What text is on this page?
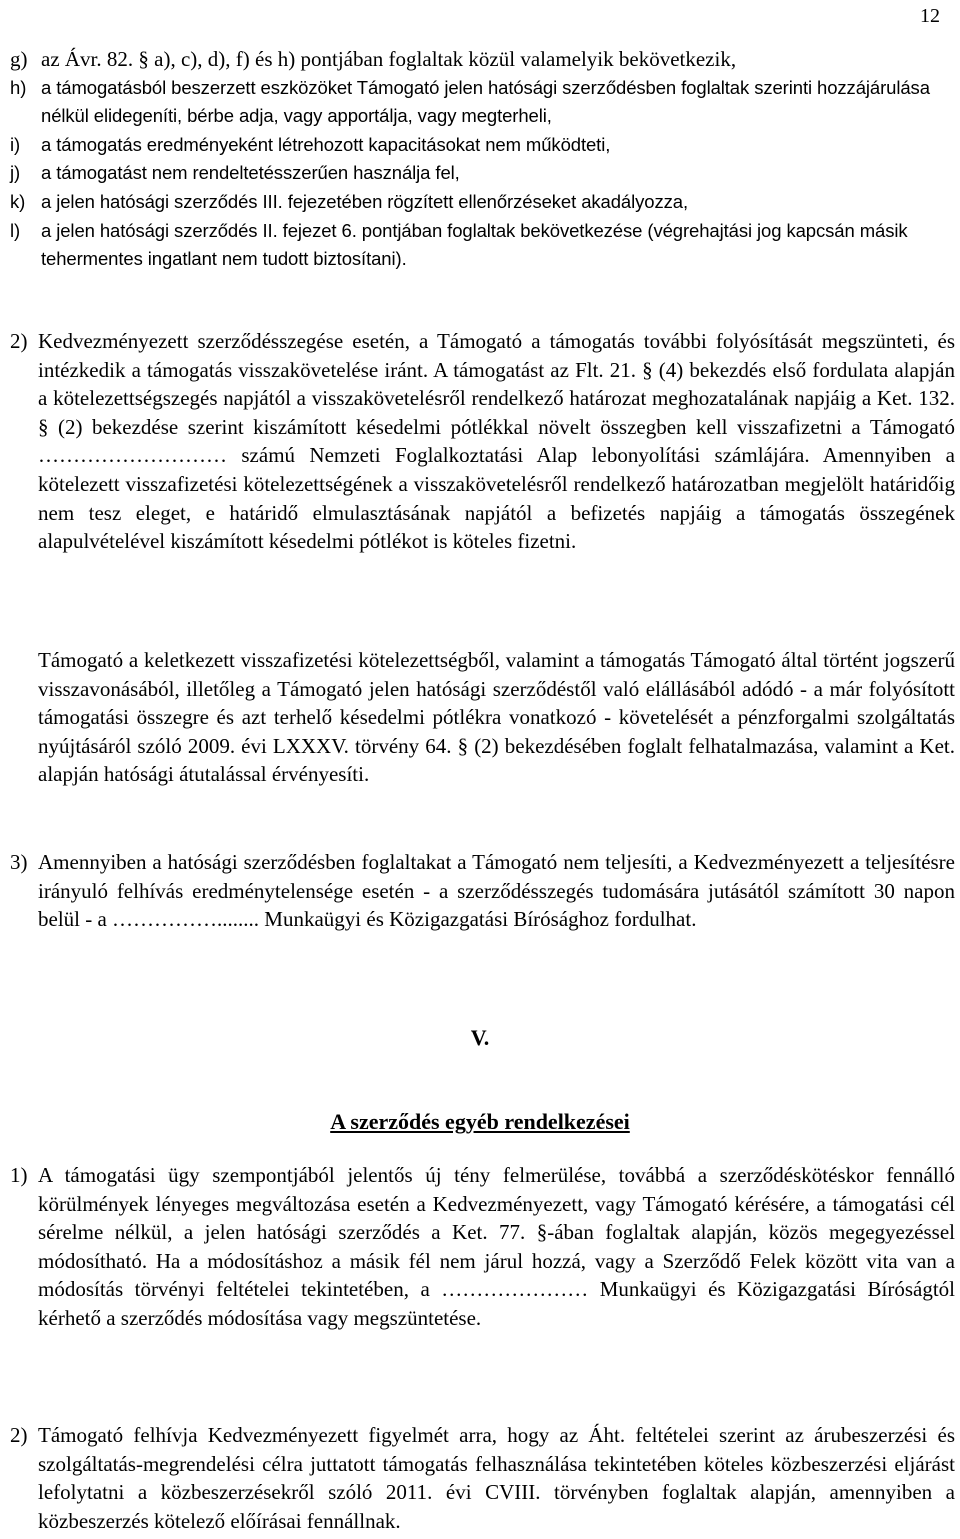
12
g) az Ávr. 82. § a), c), d), f) és h) pontjában foglaltak közül valamelyik bekövetkezik,
h) a támogatásból beszerzett eszközöket Támogató jelen hatósági szerződésben foglaltak szerinti hozzájárulása nélkül elidegeníti, bérbe adja, vagy apportálja, vagy megterheli,
i)	a támogatás eredményeként létrehozott kapacitásokat nem működteti,
j)	a támogatást nem rendeltetésszerűen használja fel,
k) a jelen hatósági szerződés III. fejezetében rögzített ellenőrzéseket akadályozza,
l)	a jelen hatósági szerződés II. fejezet 6. pontjában foglaltak bekövetkezése (végrehajtási jog kapcsán másik tehermentes ingatlant nem tudott biztosítani).
2) Kedvezményezett szerződésszegése esetén, a Támogató a támogatás további folyósítását megszünteti, és intézkedik a támogatás visszakövetelése iránt. A támogatást az Flt. 21. § (4) bekezdés első fordulata alapján a kötelezettségszegés napjától a visszakövetelésről rendelkező határozat meghozatalának napjáig a Ket. 132. § (2) bekezdése szerint kiszámított késedelmi pótlékkal növelt összegben kell visszafizetni a Támogató ……………………… számú Nemzeti Foglalkoztatási Alap lebonyolítási számlájára. Amennyiben a kötelezett visszafizetési kötelezettségének a visszakövetelésről rendelkező határozatban megjelölt határidőig nem tesz eleget, e határidő elmulasztásának napjától a befizetés napjáig a támogatás összegének alapulvételével kiszámított késedelmi pótlékot is köteles fizetni.
Támogató a keletkezett visszafizetési kötelezettségből, valamint a támogatás Támogató által történt jogszerű visszavonásából, illetőleg a Támogató jelen hatósági szerződéstől való elállásából adódó - a már folyósított támogatási összegre és azt terhelő késedelmi pótlékra vonatkozó - követelését a pénzforgalmi szolgáltatás nyújtásáról szóló 2009. évi LXXXV. törvény 64. § (2) bekezdésében foglalt felhatalmazása, valamint a Ket. alapján hatósági átutalással érvényesíti.
3) Amennyiben a hatósági szerződésben foglaltakat a Támogató nem teljesíti, a Kedvezményezett a teljesítésre irányuló felhívás eredménytelensége esetén - a szerződésszegés tudomására jutásától számított 30 napon belül - a ……………........ Munkaügyi és Közigazgatási Bírósághoz fordulhat.
V.
A szerződés egyéb rendelkezései
1) A támogatási ügy szempontjából jelentős új tény felmerülése, továbbá a szerződéskötéskor fennálló körülmények lényeges megváltozása esetén a Kedvezményezett, vagy Támogató kérésére, a támogatási cél sérelme nélkül, a jelen hatósági szerződés a Ket. 77. §-ában foglaltak alapján, közös megegyezéssel módosítható. Ha a módosításhoz a másik fél nem járul hozzá, vagy a Szerződő Felek között vita van a módosítás törvényi feltételei tekintetében, a ………………… Munkaügyi és Közigazgatási Bíróságtól kérhető a szerződés módosítása vagy megszüntetése.
2) Támogató felhívja Kedvezményezett figyelmét arra, hogy az Áht. feltételei szerint az árubeszerzési és szolgáltatás-megrendelési célra juttatott támogatás felhasználása tekintetében köteles közbeszerzési eljárást lefolytatni a közbeszerzésekről szóló 2011. évi CVIII. törvényben foglaltak alapján, amennyiben a közbeszerzés kötelező előírásai fennállnak.
